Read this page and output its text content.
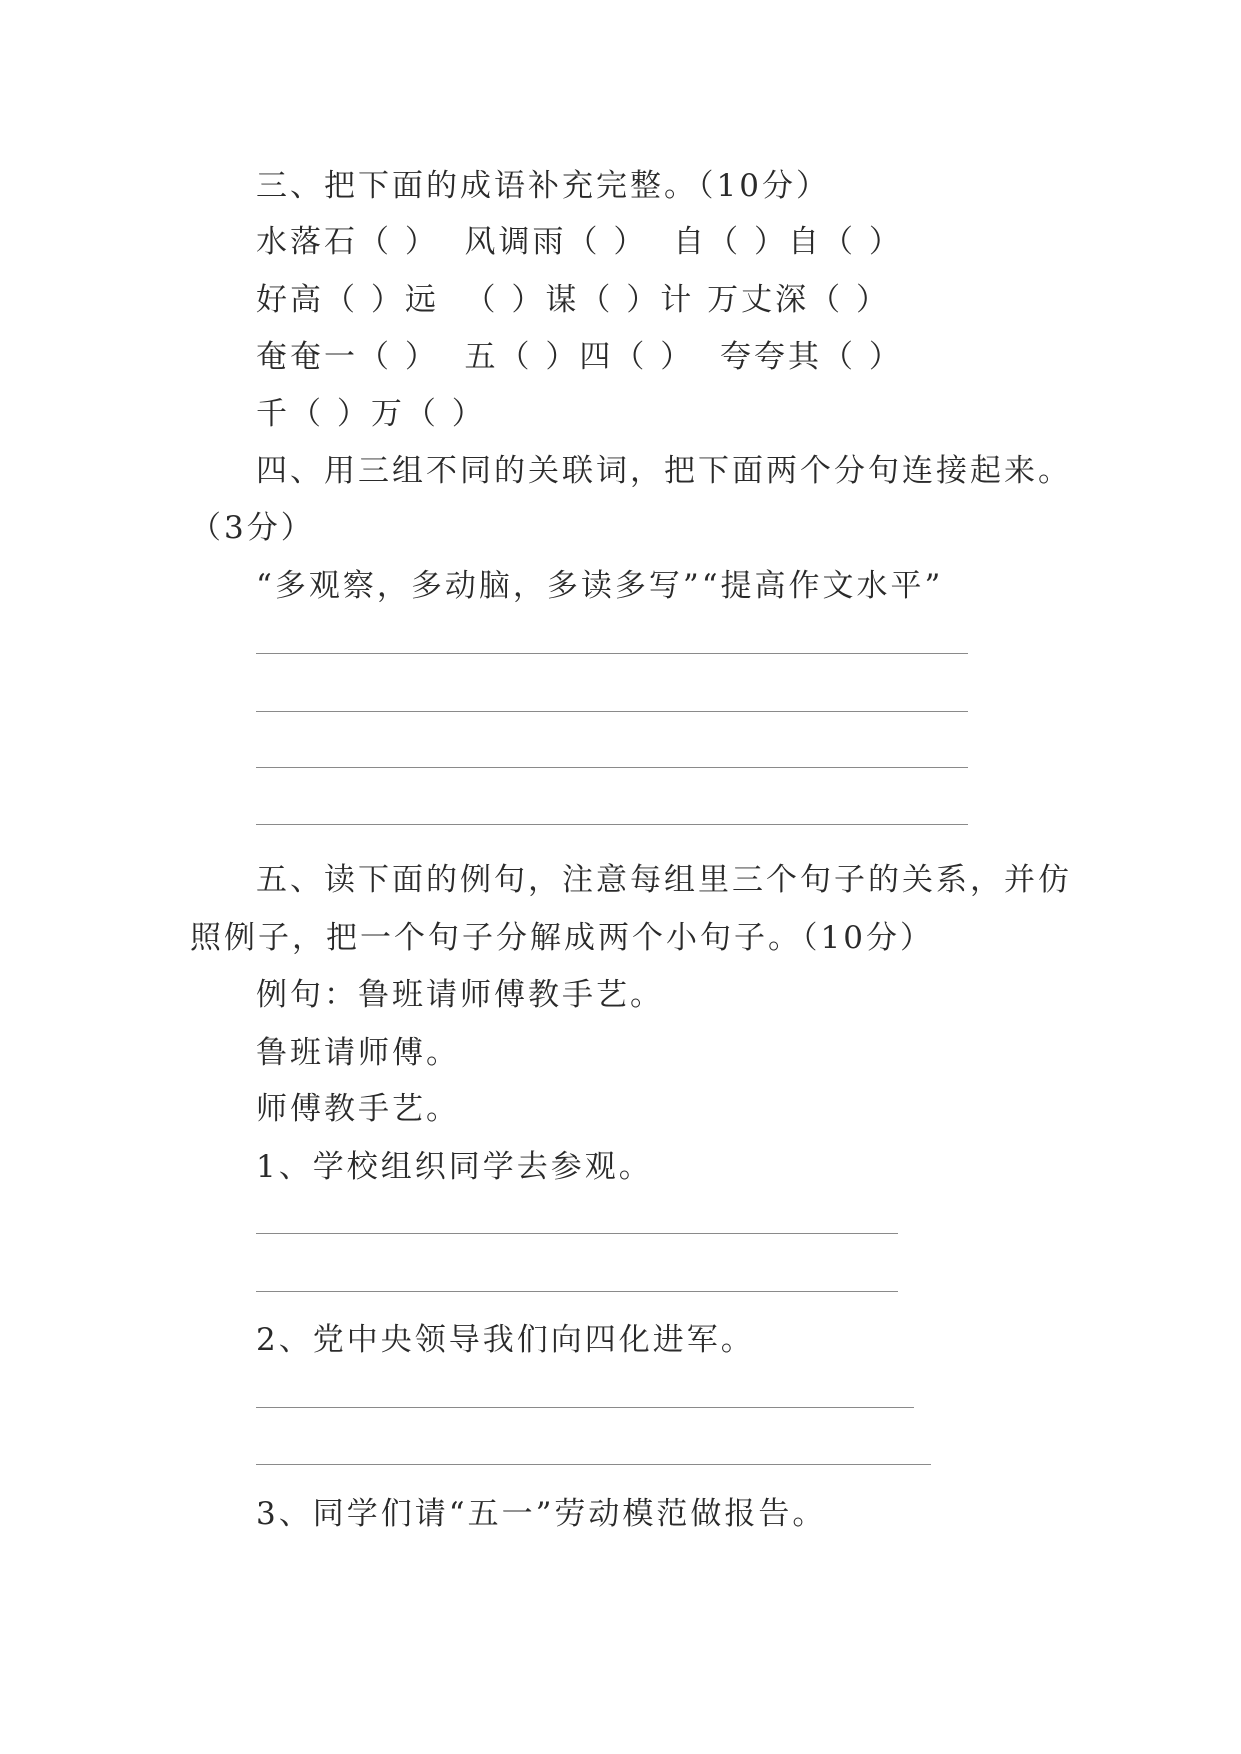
三、把下面的成语补充完整。（10分）
水落石（ ）  风调雨（ ）  自（ ）自（ ）
好高（ ）远  （ ）谋（ ）计 万丈深（ ）
奄奄一（ ）  五（ ）四（ ）  夸夸其（ ）
千（ ）万（ ）
四、用三组不同的关联词，把下面两个分句连接起来。
（3分）
“多观察，多动脑，多读多写”“提高作文水平”
五、读下面的例句，注意每组里三个句子的关系，并仿
照例子，把一个句子分解成两个小句子。（10分）
例句：鲁班请师傅教手艺。
鲁班请师傅。
师傅教手艺。
1、学校组织同学去参观。
2、党中央领导我们向四化进军。
3、同学们请“五一”劳动模范做报告。
